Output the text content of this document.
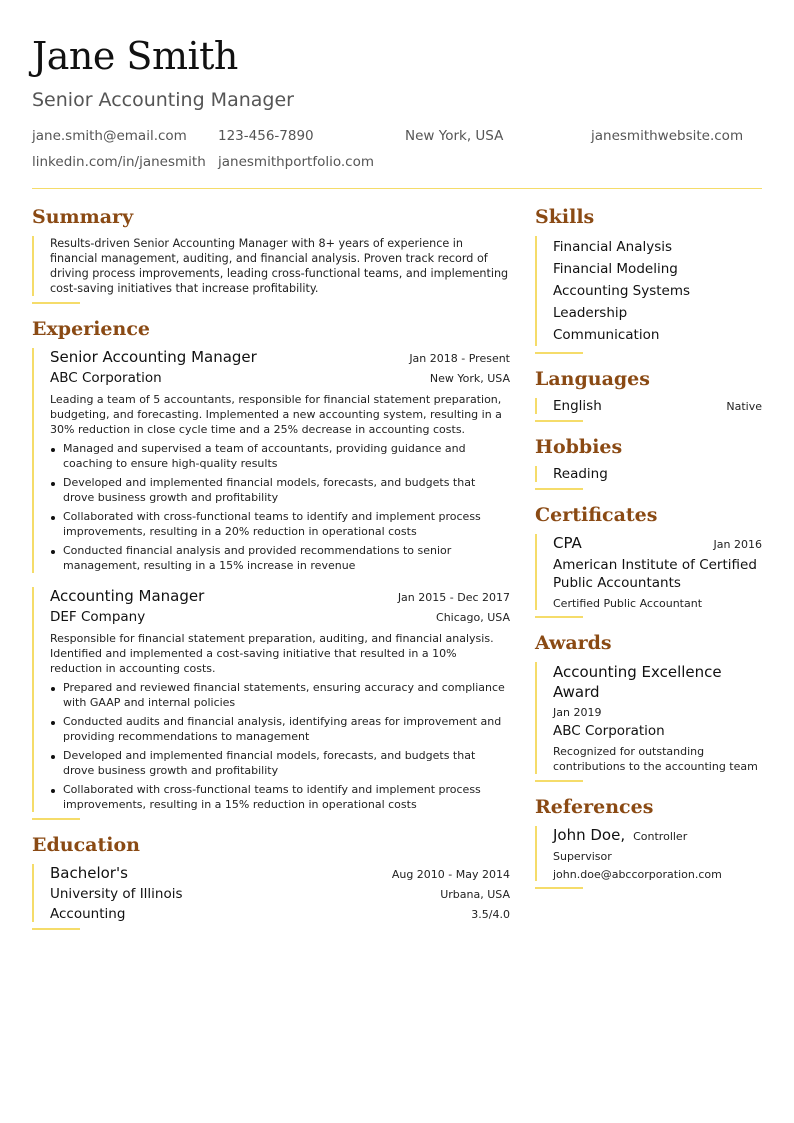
Jane Smith
Senior Accounting Manager
jane.smith@email.com 123-456-7890	New York, USA	janesmithwebsite.com
linkedin.com/in/janesmith janesmithportfolio.com
Summary

Results-driven Senior Accounting Manager with 8+ years of experience in financial management, auditing, and financial analysis. Proven track record of driving process improvements, leading cross-functional teams, and implementing cost-saving initiatives that increase profitability.

Experience
Senior Accounting Manager	Jan 2018 - Present
ABC Corporation	New York, USA

Leading a team of 5 accountants, responsible for financial statement preparation, budgeting, and forecasting. Implemented a new accounting system, resulting in a 30% reduction in close cycle time and a 25% decrease in accounting costs.

Managed and supervised a team of accountants, providing guidance and coaching to ensure high-quality results
Developed and implemented financial models, forecasts, and budgets that drove business growth and profitability
Collaborated with cross-functional teams to identify and implement process improvements, resulting in a 20% reduction in operational costs
Conducted financial analysis and provided recommendations to senior management, resulting in a 15% increase in revenue
Accounting Manager	Jan 2015 - Dec 2017
DEF Company	Chicago, USA

Responsible for financial statement preparation, auditing, and financial analysis. Identified and implemented a cost-saving initiative that resulted in a 10% reduction in accounting costs.

Prepared and reviewed financial statements, ensuring accuracy and compliance with GAAP and internal policies
Conducted audits and financial analysis, identifying areas for improvement and providing recommendations to management
Developed and implemented financial models, forecasts, and budgets that drove business growth and profitability
Collaborated with cross-functional teams to identify and implement process improvements, resulting in a 15% reduction in operational costs
Education
Bachelor's	Aug 2010 - May 2014
University of Illinois	Urbana, USA
Accounting	3.5/4.0
Skills
Financial Analysis
Financial Modeling
Accounting Systems
Leadership
Communication
Languages
English	Native
Hobbies
Reading
Certificates
CPA	Jan 2016
American Institute of Certified Public Accountants
Certified Public Accountant
Awards
Accounting Excellence Award
Jan 2019
ABC Corporation
Recognized for outstanding contributions to the accounting team
References
John Doe, Controller
Supervisor
john.doe@abccorporation.com
